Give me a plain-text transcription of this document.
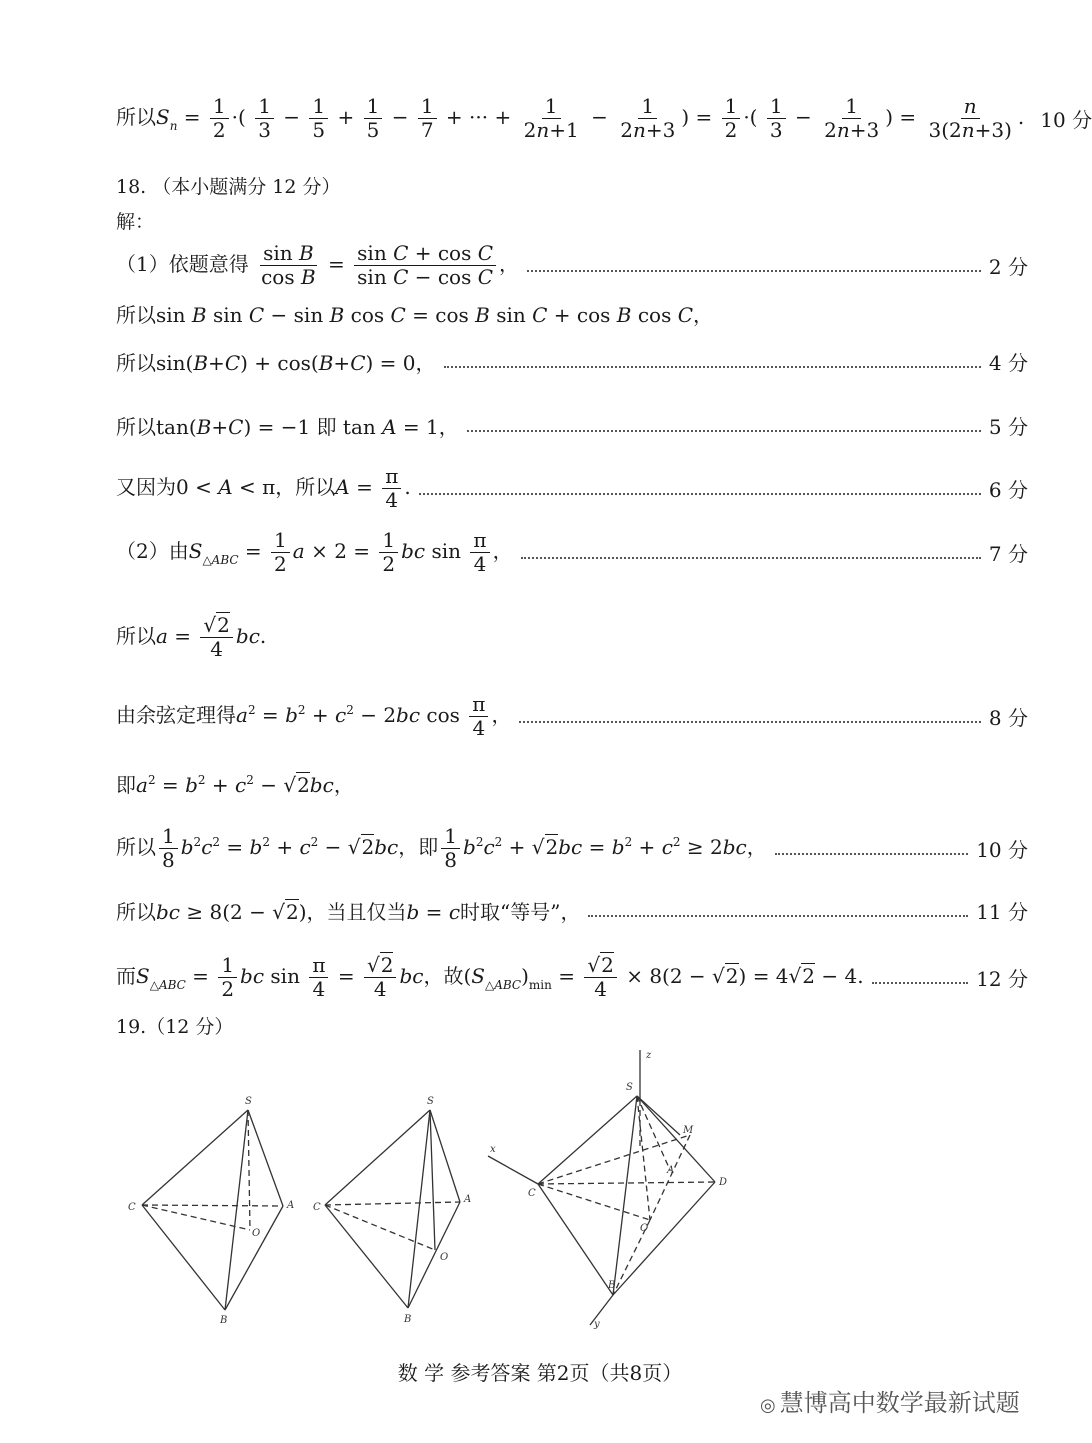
所以$S_n = \frac{1}{2}$ ·( $\frac{1}{3} - \frac{1}{5} + \frac{1}{5} - \frac{1}{7}$ + ··· + $\frac{1}{2n+1} - \frac{1}{2n+3}$ ) = $\frac{1}{2}$ ·( $\frac{1}{3} - \frac{1}{2n+3}$ ) = $\frac{n}{3(2n+3)}$ . 10 分
18. （本小题满分 12 分）
解：
（1）依题意得 $\frac{\text{sin B}}{\text{cos B}} = \frac{\text{sin C + cos C}}{\text{sin C − cos C}}$ ，	2 分
所以sin B sin C − sin B cos C = cos B sin C + cos B cos C，
所以sin(B+C) + cos(B+C) = 0，	4 分
所以tan(B+C) = −1 即 tan A = 1，	5 分
又因为0 < A < π，所以$A = \frac{\pi}{4}$ .	6 分
（2）由$S_{\triangle ABC} = \frac{1}{2}$ $a \times 2 = \frac{1}{2}$ bc $\sin \frac{\pi}{4}$ ，	7 分
所以$a = \frac{√2}{4}$ bc.
由余弦定理得$a^2 = b^2 + c^2 - 2bc$ $\cos \frac{\pi}{4}$ ，	8 分
即$a^2 = b^2 + c^2 - √2bc$，
所以 $\frac{1}{8} b^2c^2 = b^2 + c^2 - √2bc$，即 $\frac{1}{8} b^2c^2 + √2bc = b^2 + c^2 \ge 2bc$，	10 分
所以bc ≥ 8(2 − √2)，当且仅当b = c时取“等号”，	11 分
而$S_{\triangle ABC} = \frac{1}{2}$ bc $\sin \frac{\pi}{4} = \frac{√2}{4}$ bc，故$(S_{\triangle ABC})_{min} = \frac{√2}{4} \times 8(2 - √2) = 4√2 - 4$.	12 分
19.（12 分）
S
C	A
O
B
S
C
A
O
B
z
S
M
x
C
A
D
O
B
y
数 学 参考答案 第2页（共8页）
◎ 慧博高中数学最新试题
